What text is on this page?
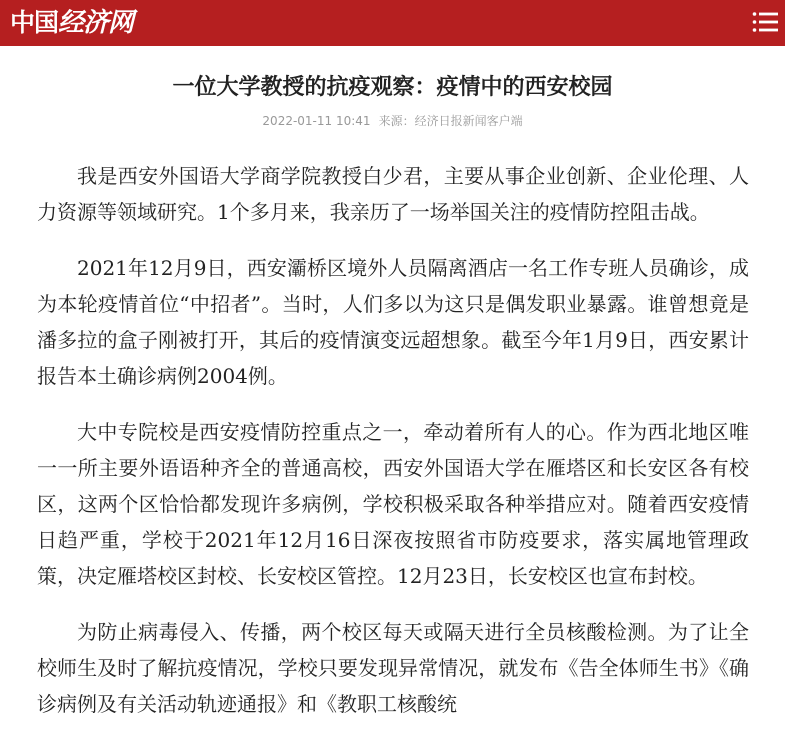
中国经济网
一位大学教授的抗疫观察：疫情中的西安校园
2022-01-11 10:41 来源：经济日报新闻客户端

我是西安外国语大学商学院教授白少君，主要从事企业创新、企业伦理、人力资源等领域研究。1个多月来，我亲历了一场举国关注的疫情防控阻击战。

2021年12月9日，西安灞桥区境外人员隔离酒店一名工作专班人员确诊，成为本轮疫情首位“中招者”。当时，人们多以为这只是偶发职业暴露。谁曾想竟是潘多拉的盒子刚被打开，其后的疫情演变远超想象。截至今年1月9日，西安累计报告本土确诊病例2004例。

大中专院校是西安疫情防控重点之一，牵动着所有人的心。作为西北地区唯一一所主要外语语种齐全的普通高校，西安外国语大学在雁塔区和长安区各有校区，这两个区恰恰都发现许多病例，学校积极采取各种举措应对。随着西安疫情日趋严重，学校于2021年12月16日深夜按照省市防疫要求，落实属地管理政策，决定雁塔校区封校、长安校区管控。12月23日，长安校区也宣布封校。

为防止病毒侵入、传播，两个校区每天或隔天进行全员核酸检测。为了让全校师生及时了解抗疫情况，学校只要发现异常情况，就发布《告全体师生书》《确诊病例及有关活动轨迹通报》和《教职工核酸统
